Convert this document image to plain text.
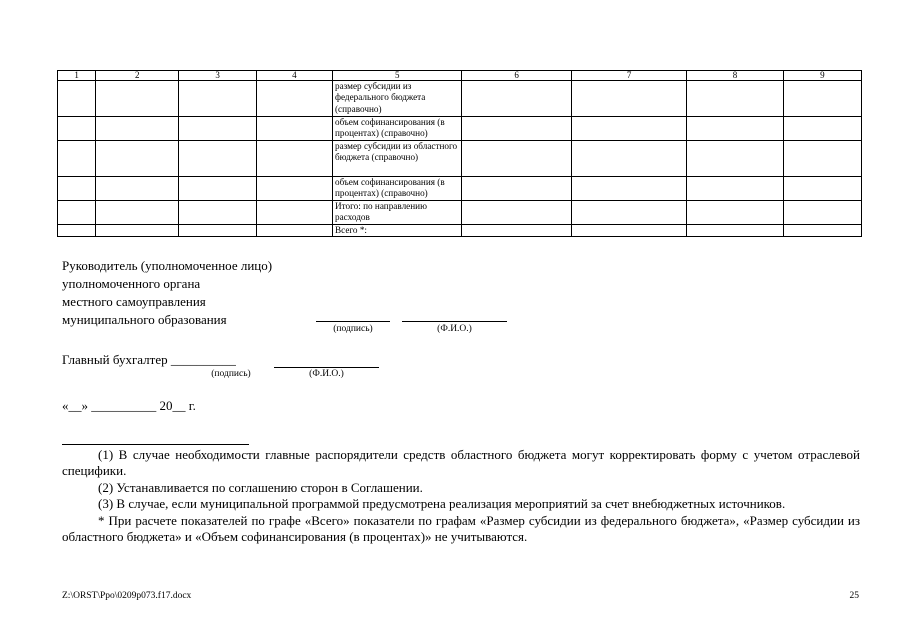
1	2	3	4	5	6	7	8	9
				размер субсидии из федерального бюджета (справочно)				
				объем софинансирования (в процентах) (справочно)				
				размер субсидии из областного бюджета (справочно)				
				объем софинансирования (в процентах) (справочно)				
				Итого: по направлению расходов				
				Всего *:				
Руководитель (уполномоченное лицо)
уполномоченного органа
местного самоуправления
муниципального образования
(подпись)	(Ф.И.О.)
Главный бухгалтер __________
(подпись)	(Ф.И.О.)
«__» __________ 20__ г.

(1) В случае необходимости главные распорядители средств областного бюджета могут корректировать форму с учетом отраслевой специфики.

(2) Устанавливается по соглашению сторон в Соглашении.

(3) В случае, если муниципальной программой предусмотрена реализация мероприятий за счет внебюджетных источников.

* При расчете показателей по графе «Всего» показатели по графам «Размер субсидии из федерального бюджета», «Размер субсидии из областного бюджета» и «Объем софинансирования (в процентах)» не учитываются.

Z:\ORST\Ppo\0209p073.f17.docx	25
